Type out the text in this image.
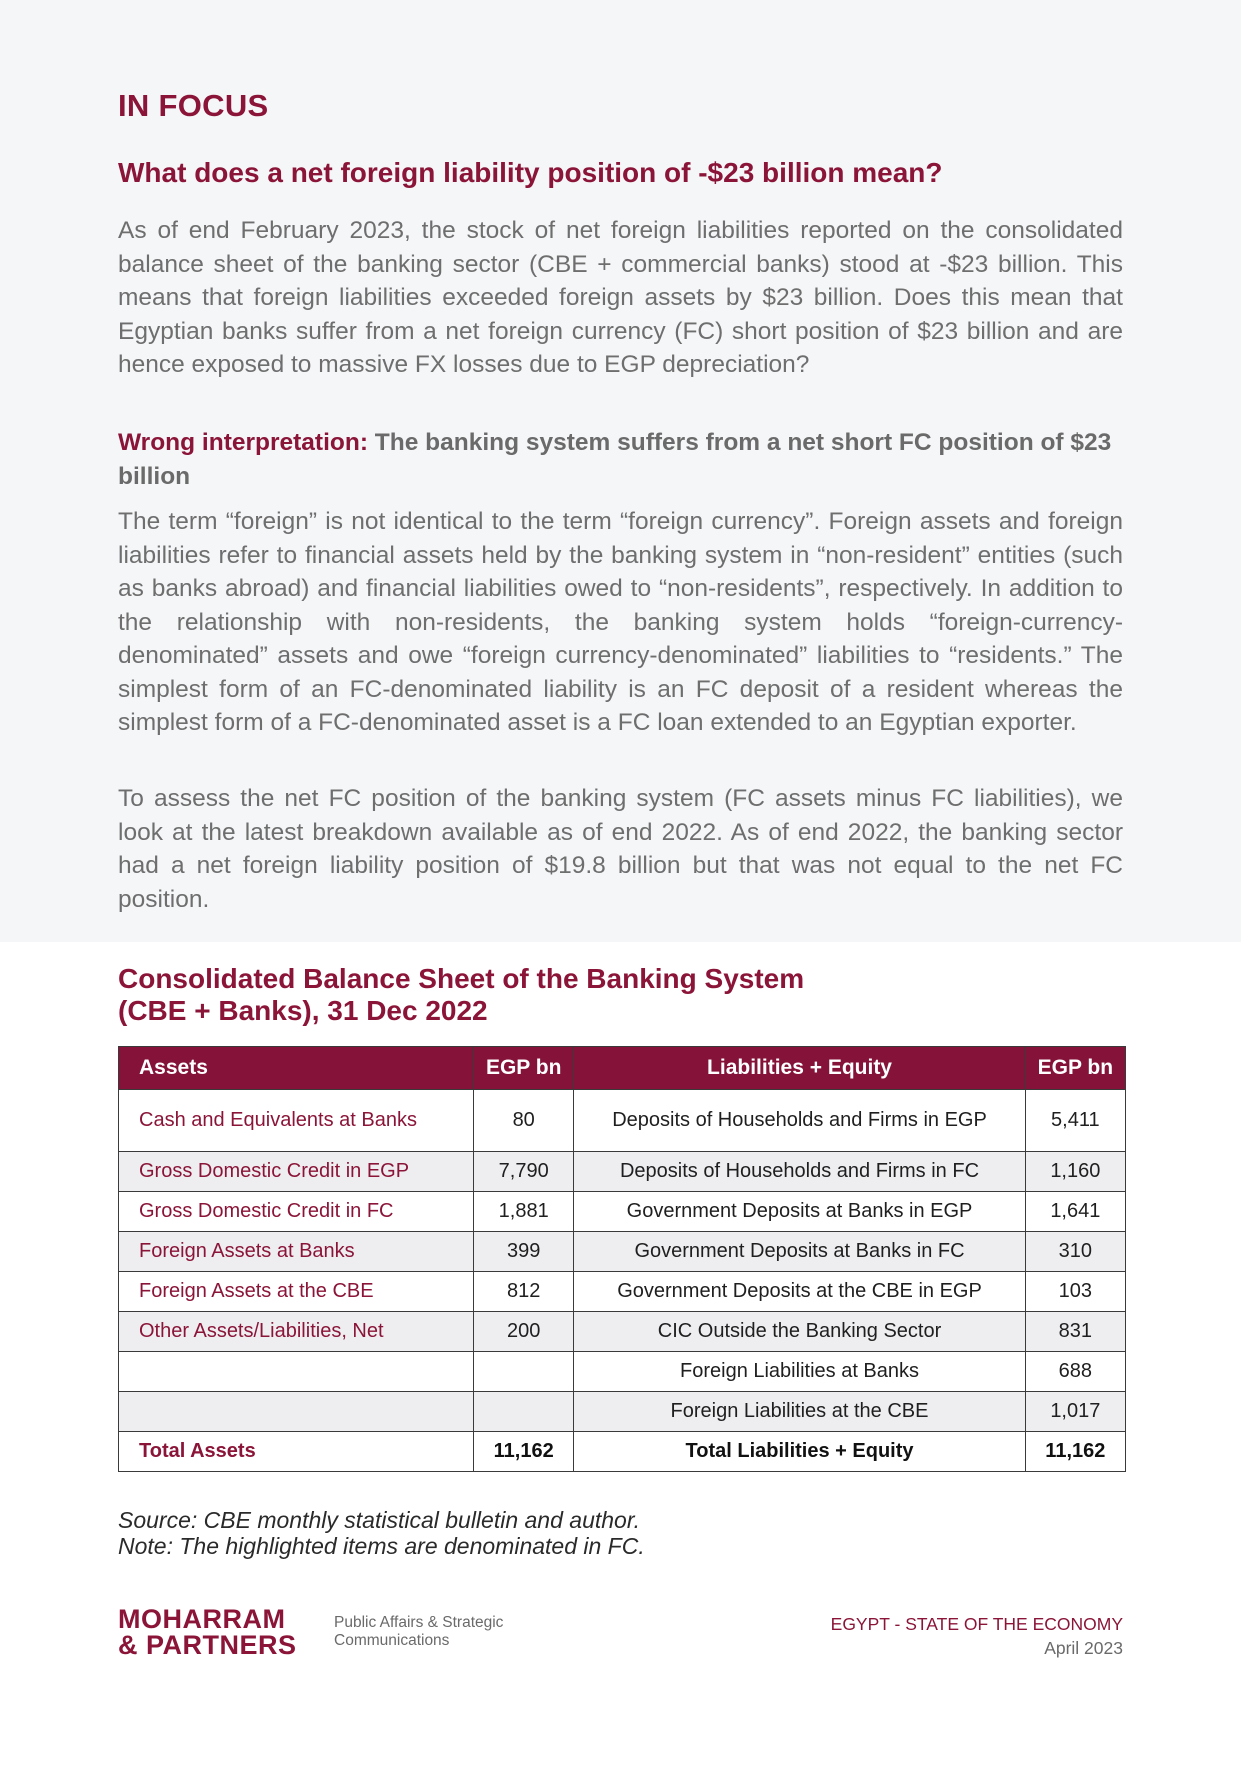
IN FOCUS
What does a net foreign liability position of -$23 billion mean?

As of end February 2023, the stock of net foreign liabilities reported on the consolidated balance sheet of the banking sector (CBE + commercial banks) stood at -$23 billion. This means that foreign liabilities exceeded foreign assets by $23 billion. Does this mean that Egyptian banks suffer from a net foreign currency (FC) short position of $23 billion and are hence exposed to massive FX losses due to EGP depreciation?

Wrong interpretation: The banking system suffers from a net short FC position of $23 billion

The term “foreign” is not identical to the term “foreign currency”. Foreign assets and foreign liabilities refer to financial assets held by the banking system in “non-resident” entities (such as banks abroad) and financial liabilities owed to “non-residents”, respectively. In addition to the relationship with non-residents, the banking system holds “foreign-currency-denominated” assets and owe “foreign currency-denominated” liabilities to “residents.” The simplest form of an FC-denominated liability is an FC deposit of a resident whereas the simplest form of a FC-denominated asset is a FC loan extended to an Egyptian exporter.

To assess the net FC position of the banking system (FC assets minus FC liabilities), we look at the latest breakdown available as of end 2022. As of end 2022, the banking sector had a net foreign liability position of $19.8 billion but that was not equal to the net FC position.

Consolidated Balance Sheet of the Banking System
(CBE + Banks), 31 Dec 2022
Assets	EGP bn	Liabilities + Equity	EGP bn
Cash and Equivalents at Banks	80	Deposits of Households and Firms in EGP	5,411
Gross Domestic Credit in EGP	7,790	Deposits of Households and Firms in FC	1,160
Gross Domestic Credit in FC	1,881	Government Deposits at Banks in EGP	1,641
Foreign Assets at Banks	399	Government Deposits at Banks in FC	310
Foreign Assets at the CBE	812	Government Deposits at the CBE in EGP	103
Other Assets/Liabilities, Net	200	CIC Outside the Banking Sector	831
		Foreign Liabilities at Banks	688
		Foreign Liabilities at the CBE	1,017
Total Assets	11,162	Total Liabilities + Equity	11,162
Source: CBE monthly statistical bulletin and author.
Note: The highlighted items are denominated in FC.
MOHARRAM
& PARTNERS
Public Affairs & Strategic
Communications
EGYPT - STATE OF THE ECONOMY
April 2023
